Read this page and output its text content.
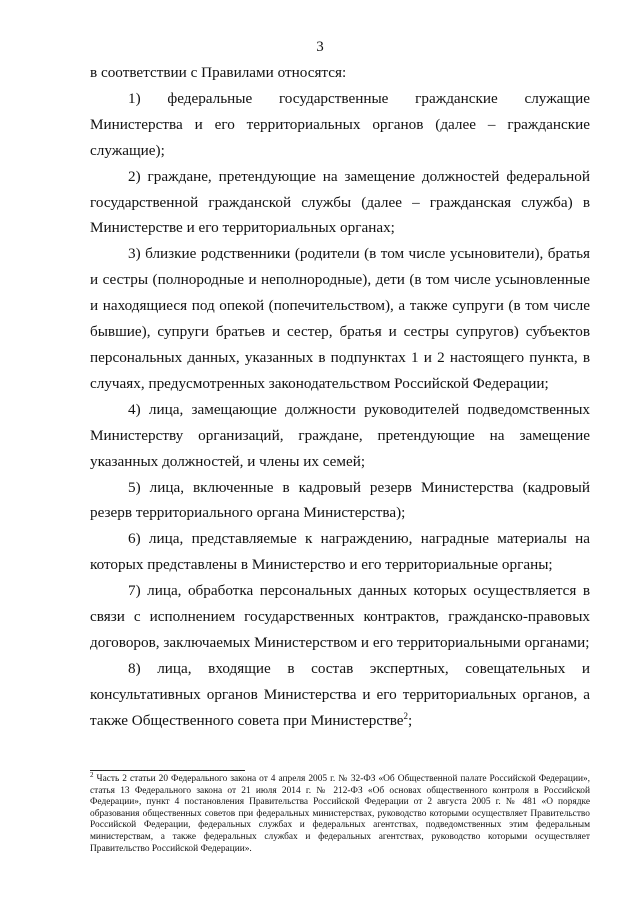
3

в соответствии с Правилами относятся:

1) федеральные государственные гражданские служащие Министерства и его территориальных органов (далее – гражданские служащие);

2) граждане, претендующие на замещение должностей федеральной государственной гражданской службы (далее – гражданская служба) в Министерстве и его территориальных органах;

3) близкие родственники (родители (в том числе усыновители), братья и сестры (полнородные и неполнородные), дети (в том числе усыновленные и находящиеся под опекой (попечительством), а также супруги (в том числе бывшие), супруги братьев и сестер, братья и сестры супругов) субъектов персональных данных, указанных в подпунктах 1 и 2 настоящего пункта, в случаях, предусмотренных законодательством Российской Федерации;

4) лица, замещающие должности руководителей подведомственных Министерству организаций, граждане, претендующие на замещение указанных должностей, и члены их семей;

5) лица, включенные в кадровый резерв Министерства (кадровый резерв территориального органа Министерства);

6) лица, представляемые к награждению, наградные материалы на которых представлены в Министерство и его территориальные органы;

7) лица, обработка персональных данных которых осуществляется в связи с исполнением государственных контрактов, гражданско-правовых договоров, заключаемых Министерством и его территориальными органами;

8) лица, входящие в состав экспертных, совещательных и консультативных органов Министерства и его территориальных органов, а также Общественного совета при Министерстве$^2$;

$^2$ Часть 2 статьи 20 Федерального закона от 4 апреля 2005 г. № 32-ФЗ «Об Общественной палате Российской Федерации», статья 13 Федерального закона от 21 июля 2014 г. № 212-ФЗ «Об основах общественного контроля в Российской Федерации», пункт 4 постановления Правительства Российской Федерации от 2 августа 2005 г. № 481 «О порядке образования общественных советов при федеральных министерствах, руководство которыми осуществляет Правительство Российской Федерации, федеральных службах и федеральных агентствах, подведомственных этим федеральным министерствам, а также федеральных службах и федеральных агентствах, руководство которыми осуществляет Правительство Российской Федерации».
